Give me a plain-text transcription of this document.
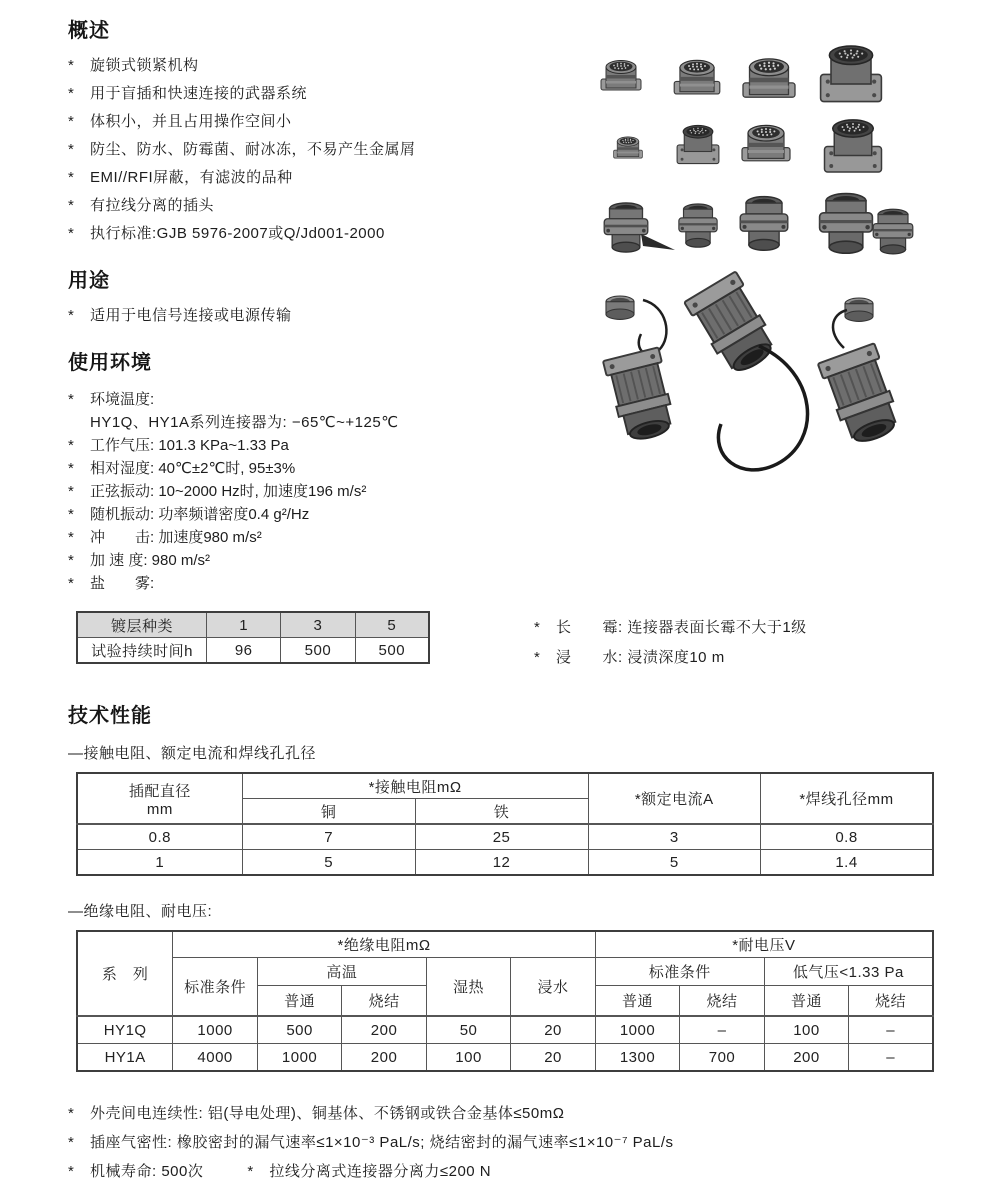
概述
*	旋锁式锁紧机构
*	用于盲插和快速连接的武器系统
*	体积小，并且占用操作空间小
*	防尘、防水、防霉菌、耐冰冻，不易产生金属屑
*	EMI//RFI屏蔽，有滤波的品种
*	有拉线分离的插头
*	执行标准:GJB 5976-2007或Q/Jd001-2000
用途
*	适用于电信号连接或电源传输
使用环境
*	环境温度:
HY1Q、HY1A系列连接器为: −65℃~+125℃
*	工作气压: 101.3 KPa~1.33 Pa
*	相对湿度: 40℃±2℃时, 95±3%
*	正弦振动: 10~2000 Hz时, 加速度196 m/s²
*	随机振动: 功率频谱密度0.4 g²/Hz
*	冲　　击: 加速度980 m/s²
*	加 速 度: 980 m/s²
*	盐　　雾:
镀层种类	1	3	5
试验持续时间h	96	500	500
*	长　　霉: 连接器表面长霉不大于1级
*	浸　　水: 浸渍深度10 m
技术性能
—接触电阻、额定电流和焊线孔孔径
插配直径
mm	*接触电阻mΩ		*额定电流A	*焊线孔径mm
	铜	铁		
0.8	7	25	3	0.8
1	5	12	5	1.4
—绝缘电阻、耐电压:
系　列	*绝缘电阻mΩ					*耐电压V			
	标准条件	高温		湿热	浸水	标准条件		低气压<1.33 Pa	
		普通	烧结			普通	烧结	普通	烧结
HY1Q	1000	500	200	50	20	1000	–	100	–
HY1A	4000	1000	200	100	20	1300	700	200	–
*	外壳间电连续性: 铝(导电处理)、铜基体、不锈钢或铁合金基体≤50mΩ
*	插座气密性: 橡胶密封的漏气速率≤1×10⁻³ PaL/s; 烧结密封的漏气速率≤1×10⁻⁷ PaL/s
*	机械寿命: 500次	*	拉线分离式连接器分离力≤200 N
